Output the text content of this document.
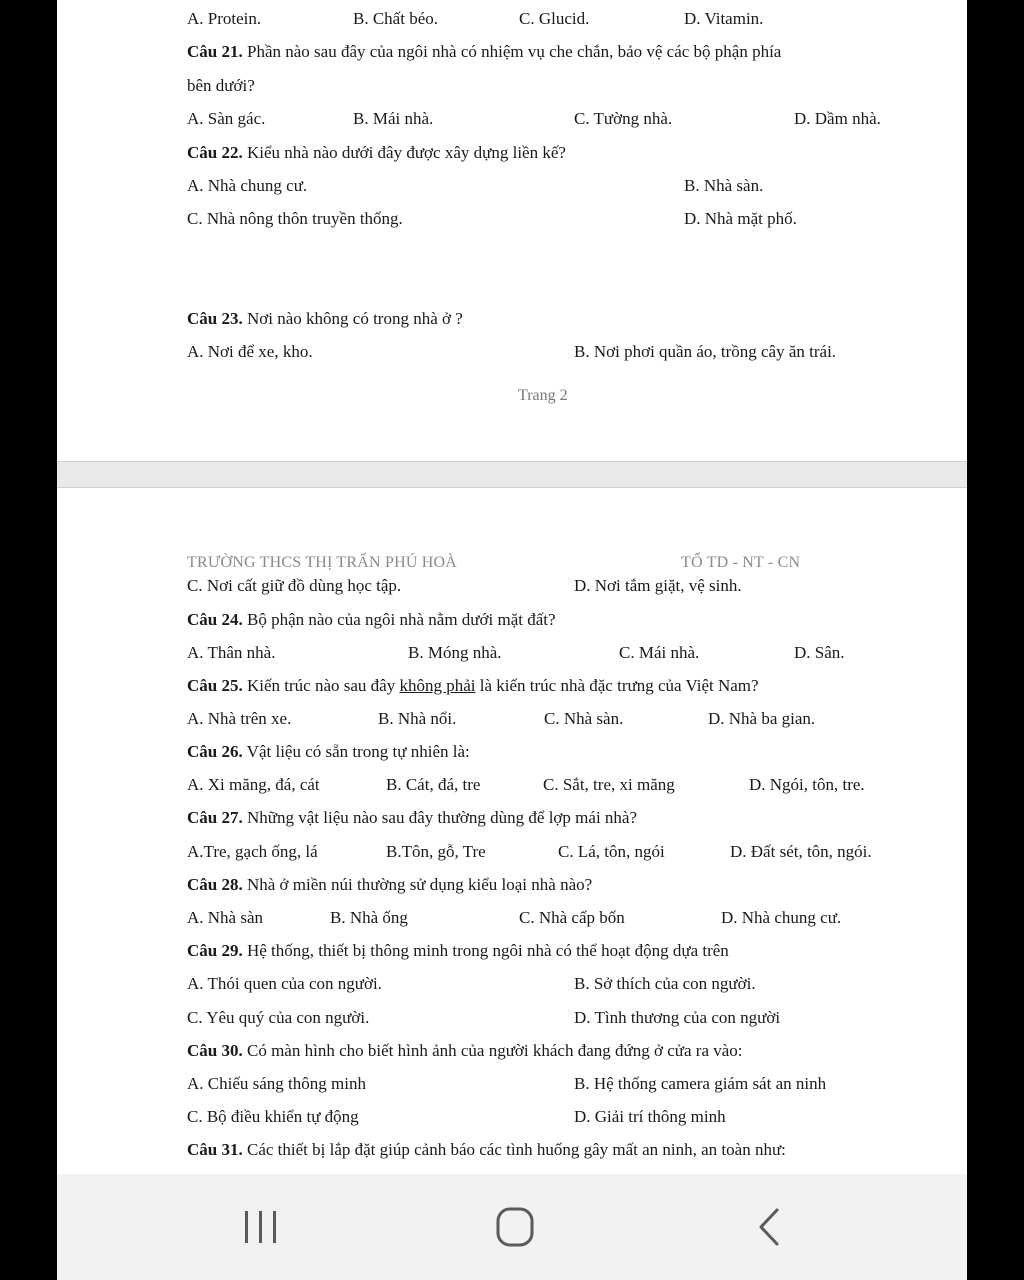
A. Protein.	B. Chất béo.	C. Glucid.	D. Vitamin.
Câu 21. Phần nào sau đây của ngôi nhà có nhiệm vụ che chắn, bảo vệ các bộ phận phía
bên dưới?
A. Sàn gác.	B. Mái nhà.	C. Tường nhà.	D. Dầm nhà.
Câu 22. Kiểu nhà nào dưới đây được xây dựng liền kế?
A. Nhà chung cư.	B. Nhà sàn.
C. Nhà nông thôn truyền thống.	D. Nhà mặt phố.
Câu 23. Nơi nào không có trong nhà ở ?
A. Nơi để xe, kho.	B. Nơi phơi quần áo, trồng cây ăn trái.
Trang 2
TRƯỜNG THCS THỊ TRẤN PHÚ HOÀ	TỔ TD - NT - CN
C. Nơi cất giữ đồ dùng học tập.	D. Nơi tắm giặt, vệ sinh.
Câu 24. Bộ phận nào của ngôi nhà nằm dưới mặt đất?
A. Thân nhà.	B. Móng nhà.	C. Mái nhà.	D. Sân.
Câu 25. Kiến trúc nào sau đây không phải là kiến trúc nhà đặc trưng của Việt Nam?
A. Nhà trên xe.	B. Nhà nổi.	C. Nhà sàn.	D. Nhà ba gian.
Câu 26. Vật liệu có sẵn trong tự nhiên là:
A. Xi măng, đá, cát	B. Cát, đá, tre	C. Sắt, tre, xi măng	D. Ngói, tôn, tre.
Câu 27. Những vật liệu nào sau đây thường dùng để lợp mái nhà?
A.Tre, gạch ống, lá	B.Tôn, gỗ, Tre	C. Lá, tôn, ngói	D. Đất sét, tôn, ngói.
Câu 28. Nhà ở miền núi thường sử dụng kiểu loại nhà nào?
A. Nhà sàn	B. Nhà ống	C. Nhà cấp bốn	D. Nhà chung cư.
Câu 29. Hệ thống, thiết bị thông minh trong ngôi nhà có thể hoạt động dựa trên
A. Thói quen của con người.	B. Sở thích của con người.
C. Yêu quý của con người.	D. Tình thương của con người
Câu 30. Có màn hình cho biết hình ảnh của người khách đang đứng ở cửa ra vào:
A. Chiếu sáng thông minh	B. Hệ thống camera giám sát an ninh
C. Bộ điều khiển tự động	D. Giải trí thông minh
Câu 31. Các thiết bị lắp đặt giúp cảnh báo các tình huống gây mất an ninh, an toàn như:
